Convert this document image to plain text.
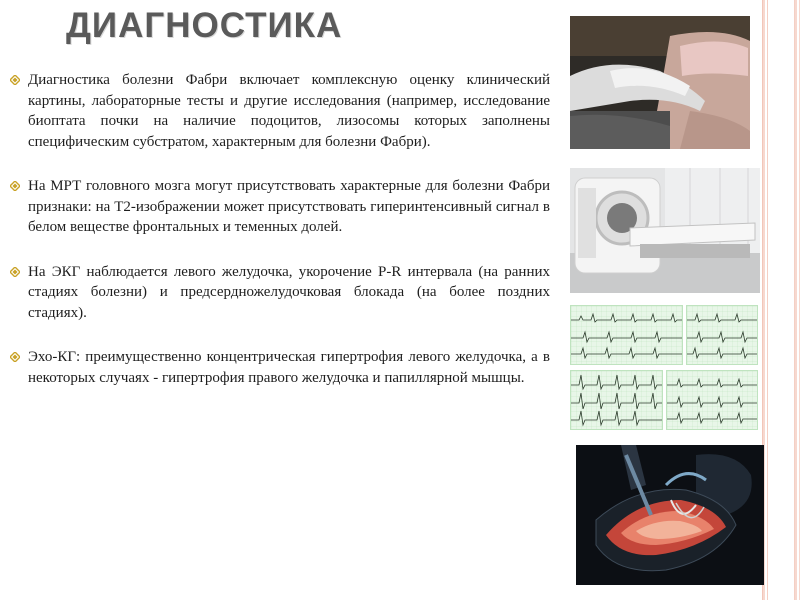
ДИАГНОСТИКА
Диагностика болезни Фабри включает комплексную оценку клинический картины, лабораторные тесты и другие исследования (например, исследование биоптата почки на наличие подоцитов, лизосомы которых заполнены специфическим субстратом, характерным для болезни Фабри).
На МРТ головного мозга могут присутствовать характерные для болезни Фабри признаки: на Т2-изображении может присутствовать гиперинтенсивный сигнал в белом веществе фронтальных и теменных долей.
На ЭКГ наблюдается левого желудочка, укорочение P-R интервала (на ранних стадиях болезни) и предсердножелудочковая блокада (на более поздних стадиях).
Эхо-КГ: преимущественно концентрическая гипертрофия левого желудочка, а в некоторых случаях - гипертрофия правого желудочка и папиллярной мышцы.
